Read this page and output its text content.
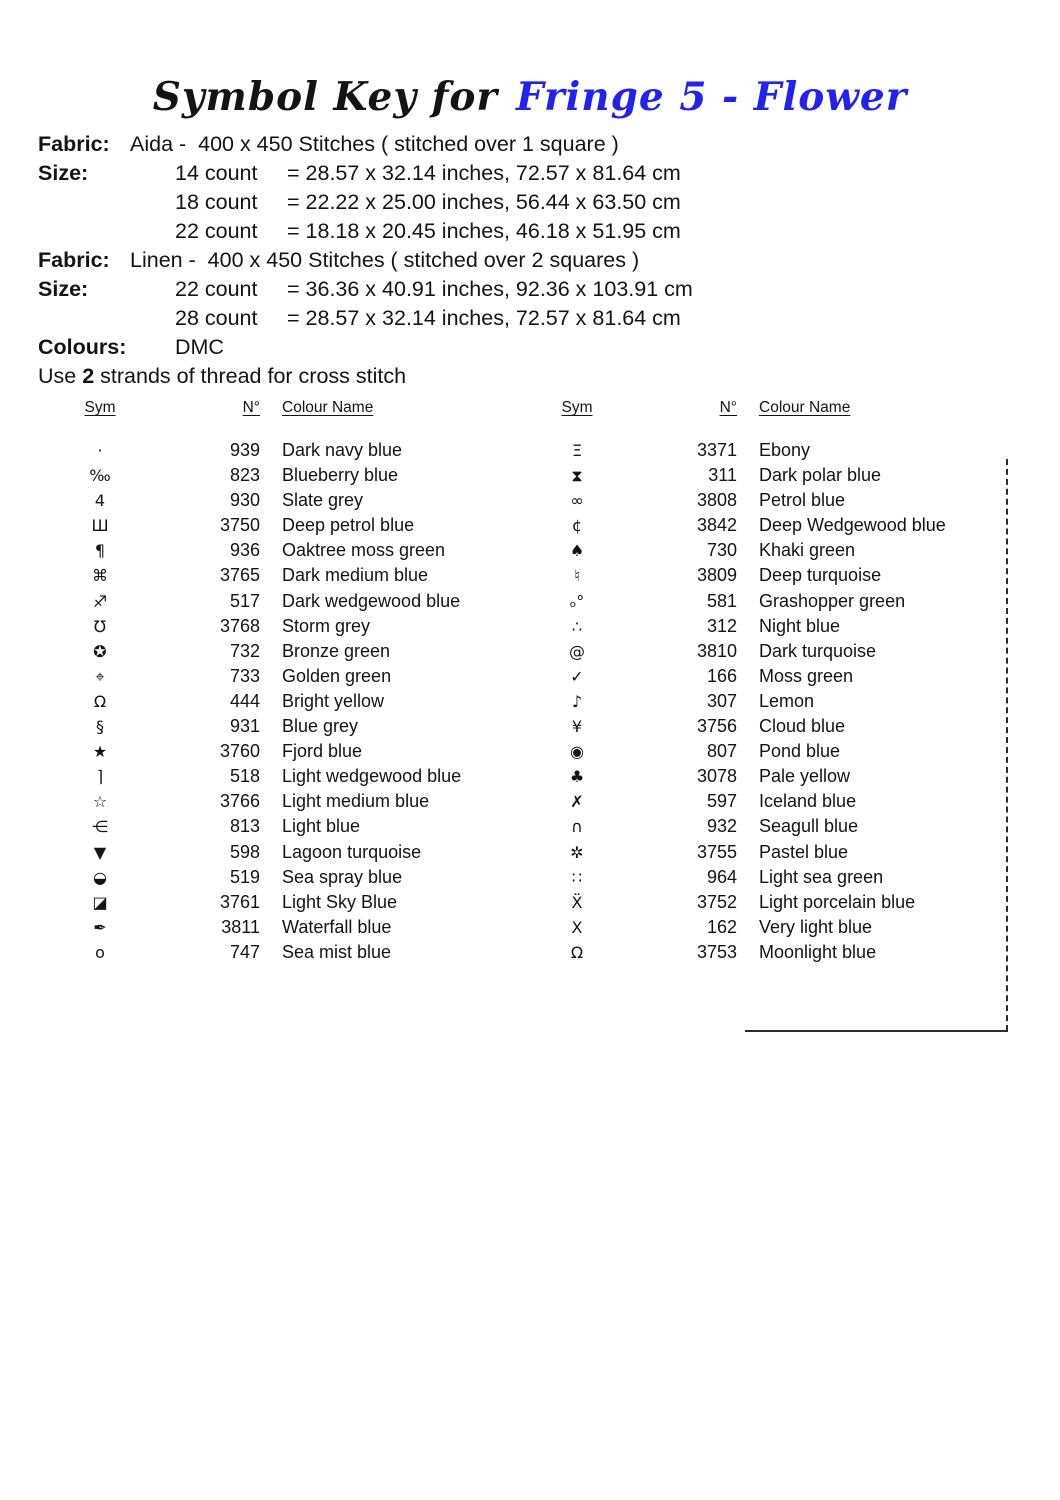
Symbol Key for Fringe 5 - Flower
Fabric: Aida -  400 x 450 Stitches ( stitched over 1 square )
Size:	14 count	= 28.57 x 32.14 inches, 72.57 x 81.64 cm
18 count	= 22.22 x 25.00 inches, 56.44 x 63.50 cm
22 count	= 18.18 x 20.45 inches, 46.18 x 51.95 cm
Fabric: Linen -  400 x 450 Stitches ( stitched over 2 squares )
Size:	22 count	= 36.36 x 40.91 inches, 92.36 x 103.91 cm
28 count	= 28.57 x 32.14 inches, 72.57 x 81.64 cm
Colours: DMC
Use 2 strands of thread for cross stitch
Sym	N° Colour Name
·	939 Dark navy blue
‰	823 Blueberry blue
4	930 Slate grey
Ш	3750 Deep petrol blue
¶	936 Oaktree moss green
⌘	3765 Dark medium blue
♐	517 Dark wedgewood blue
℧	3768 Storm grey
✪	732 Bronze green
⌖	733 Golden green
Ω	444 Bright yellow
§	931 Blue grey
★	3760 Fjord blue
⌉	518 Light wedgewood blue
☆	3766 Light medium blue
⋲	813 Light blue
▼	598 Lagoon turquoise
◒	519 Sea spray blue
◪	3761 Light Sky Blue
✒	3811 Waterfall blue
o	747 Sea mist blue
Sym	N° Colour Name
Ξ	3371 Ebony
⧗	311 Dark polar blue
∞	3808 Petrol blue
¢	3842 Deep Wedgewood blue
♠	730 Khaki green
♮	3809 Deep turquoise
ₒ°	581 Grashopper green
∴	312 Night blue
@	3810 Dark turquoise
✓	166 Moss green
♪	307 Lemon
¥	3756 Cloud blue
◉	807 Pond blue
♣	3078 Pale yellow
✗	597 Iceland blue
∩	932 Seagull blue
✲	3755 Pastel blue
∷	964 Light sea green
Ẍ	3752 Light porcelain blue
X	162 Very light blue
Ω	3753 Moonlight blue
